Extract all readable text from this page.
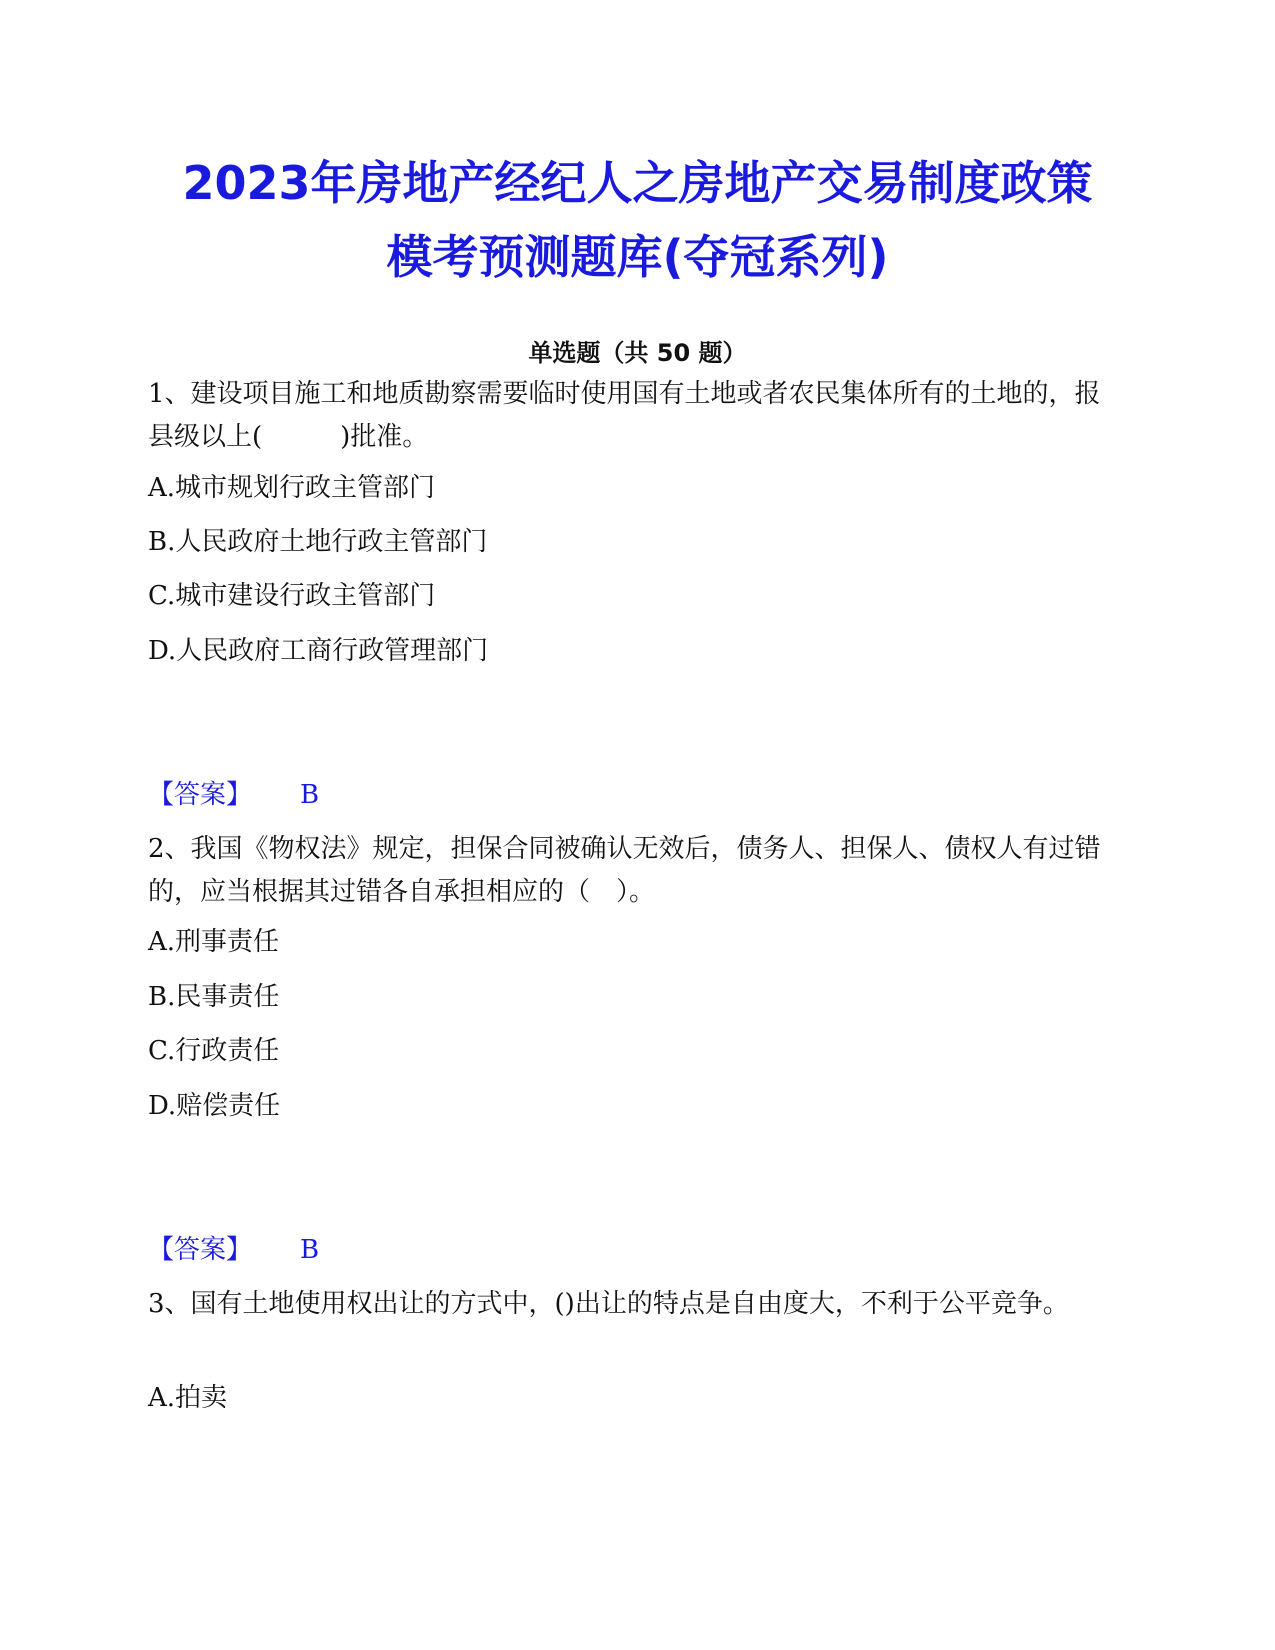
2023年房地产经纪人之房地产交易制度政策
模考预测题库(夺冠系列)
单选题（共 50 题）
1、建设项目施工和地质勘察需要临时使用国有土地或者农民集体所有的土地的，报县级以上(　　　)批准。
A.城市规划行政主管部门
B.人民政府土地行政主管部门
C.城市建设行政主管部门
D.人民政府工商行政管理部门
【答案】 B
2、我国《物权法》规定，担保合同被确认无效后，债务人、担保人、债权人有过错的，应当根据其过错各自承担相应的（　）。
A.刑事责任
B.民事责任
C.行政责任
D.赔偿责任
【答案】 B
3、国有土地使用权出让的方式中，()出让的特点是自由度大，不利于公平竞争。
A.拍卖
